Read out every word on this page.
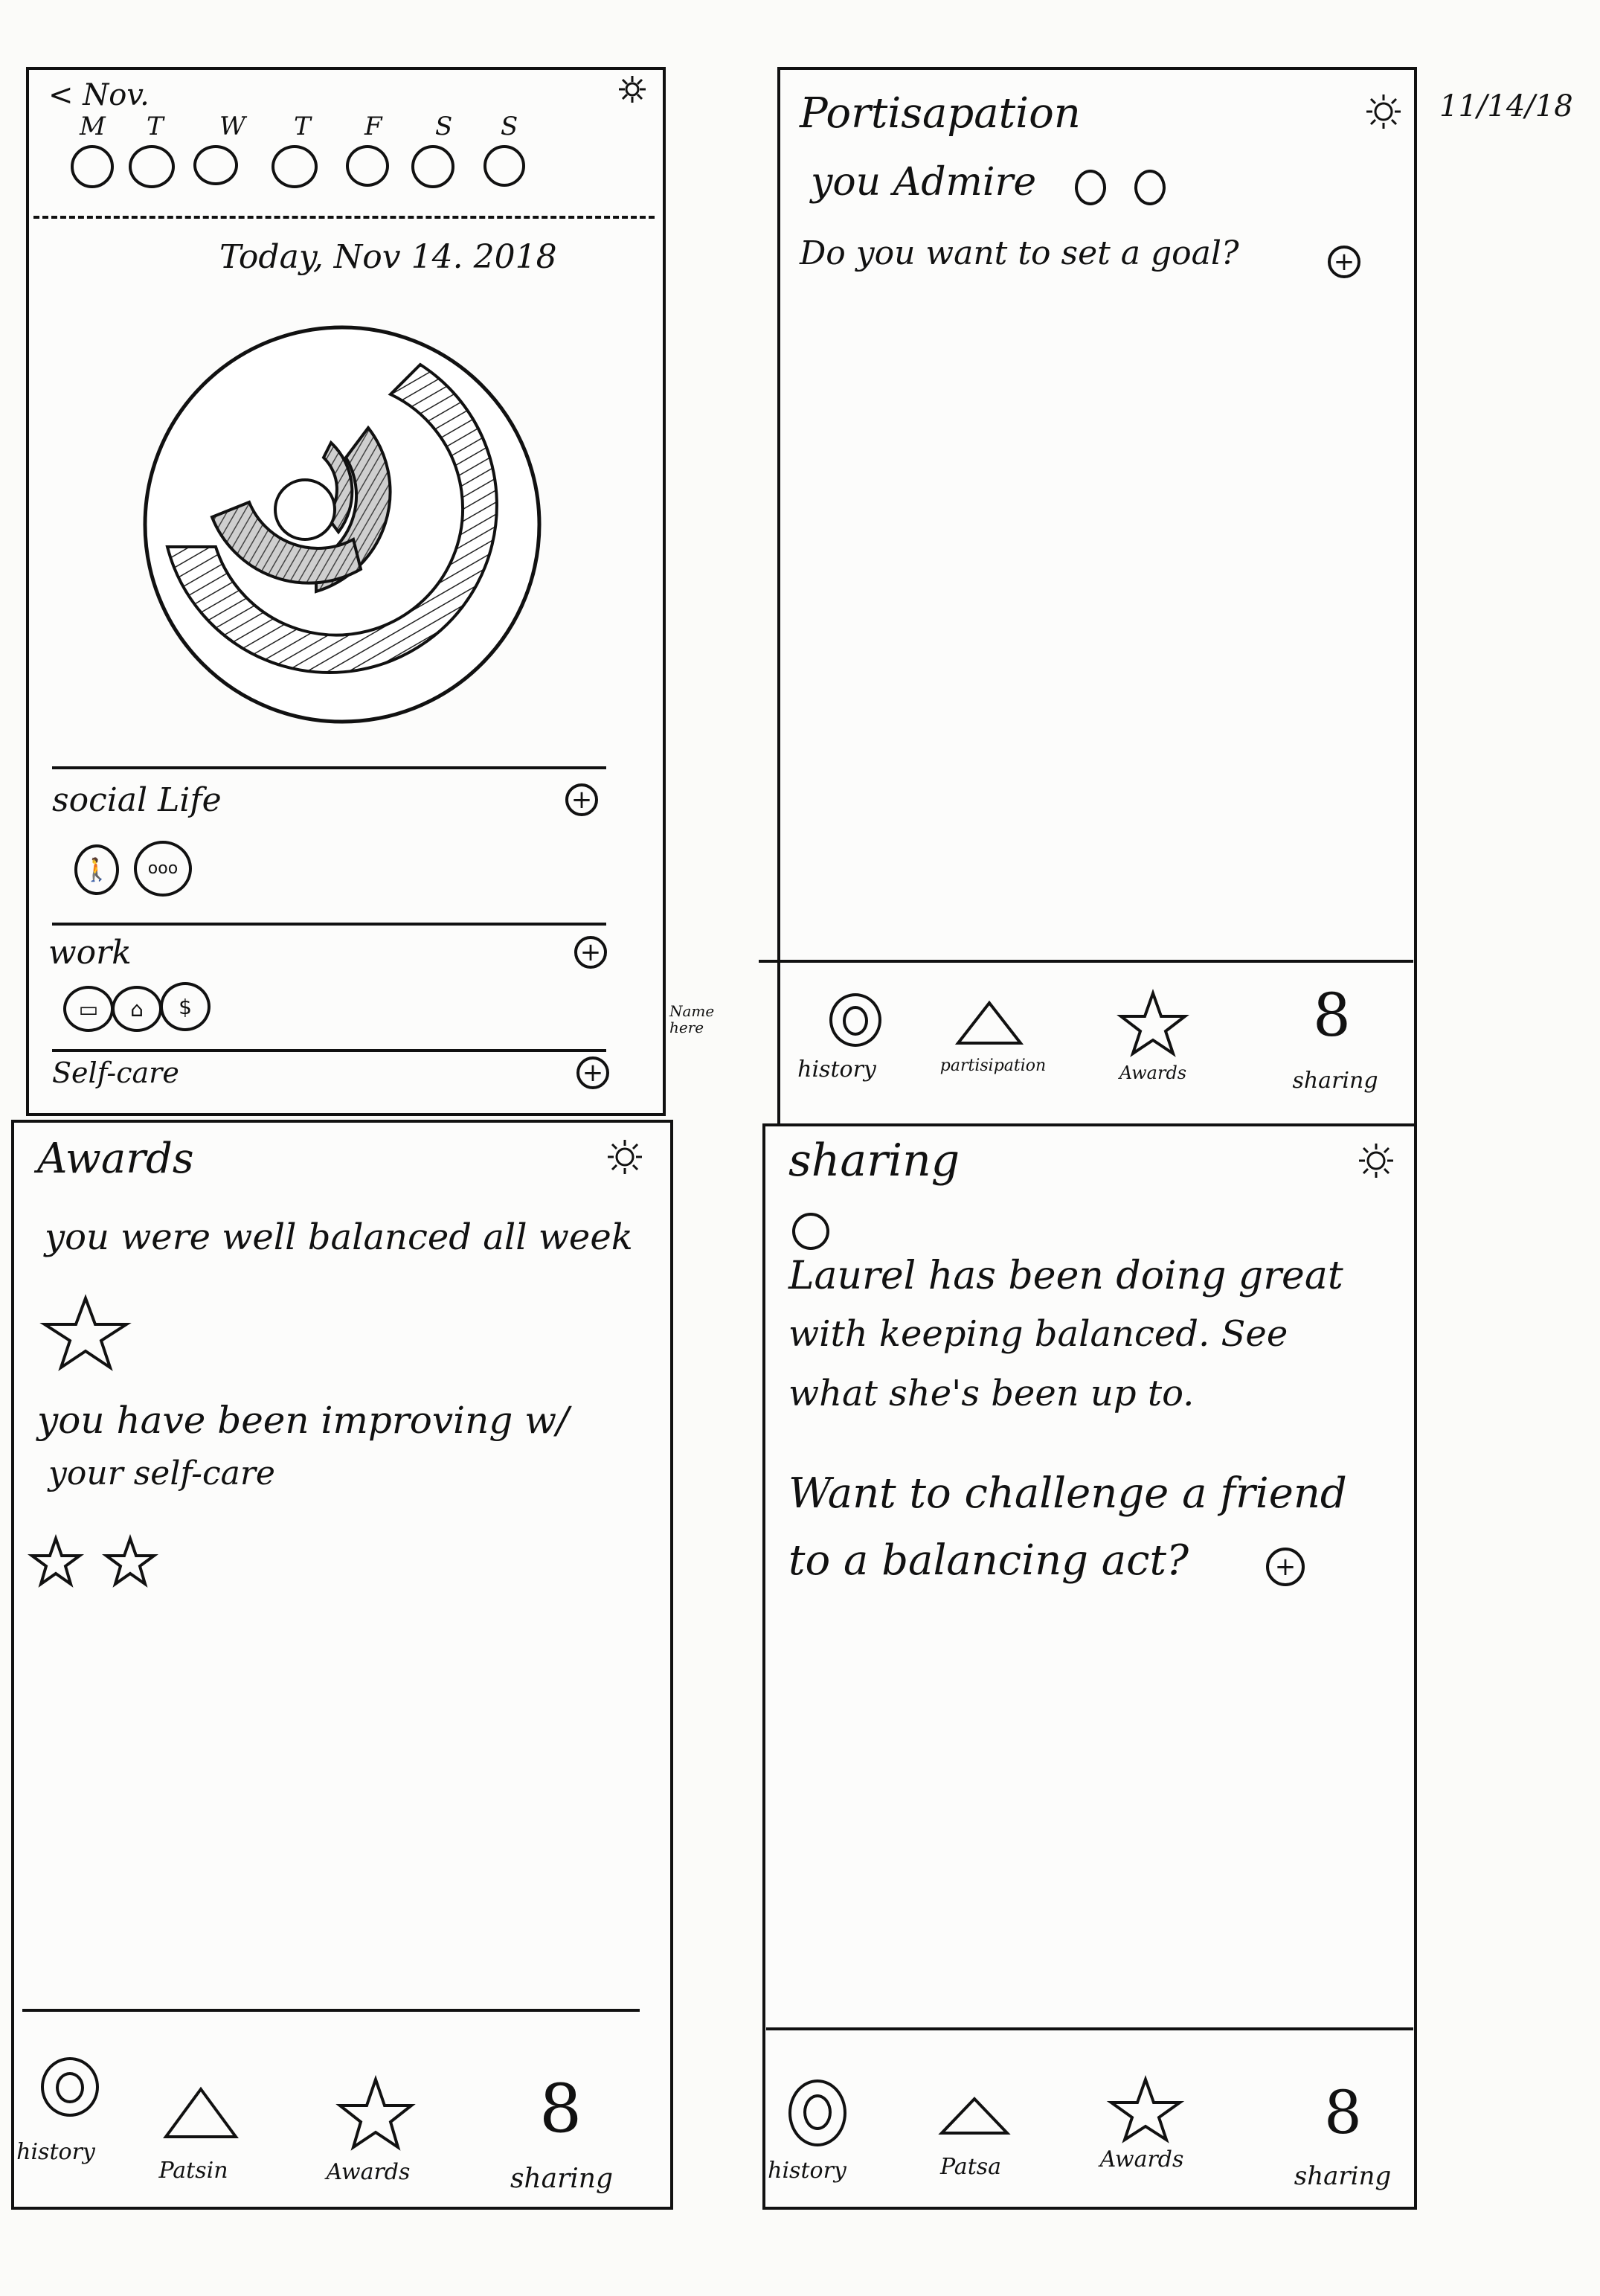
11/14/18
Name here
< Nov.
M T W T F S S
Today, Nov 14. 2018
social Life	+
🚶	ooo
work	+
▭	⌂	$
Self-care	+
Portisapation
you Admire
Do you want to set a goal?	+
history	partisipation	Awards
8
sharing
Awards
you were well balanced all week
you have been improving w/
your self-care
history
Patsin	Awards
8
sharing
sharing
Laurel has been doing great
with keeping balanced. See
what she's been up to.
Want to challenge a friend
to a balancing act?	+
history	Patsa	Awards
8
sharing
